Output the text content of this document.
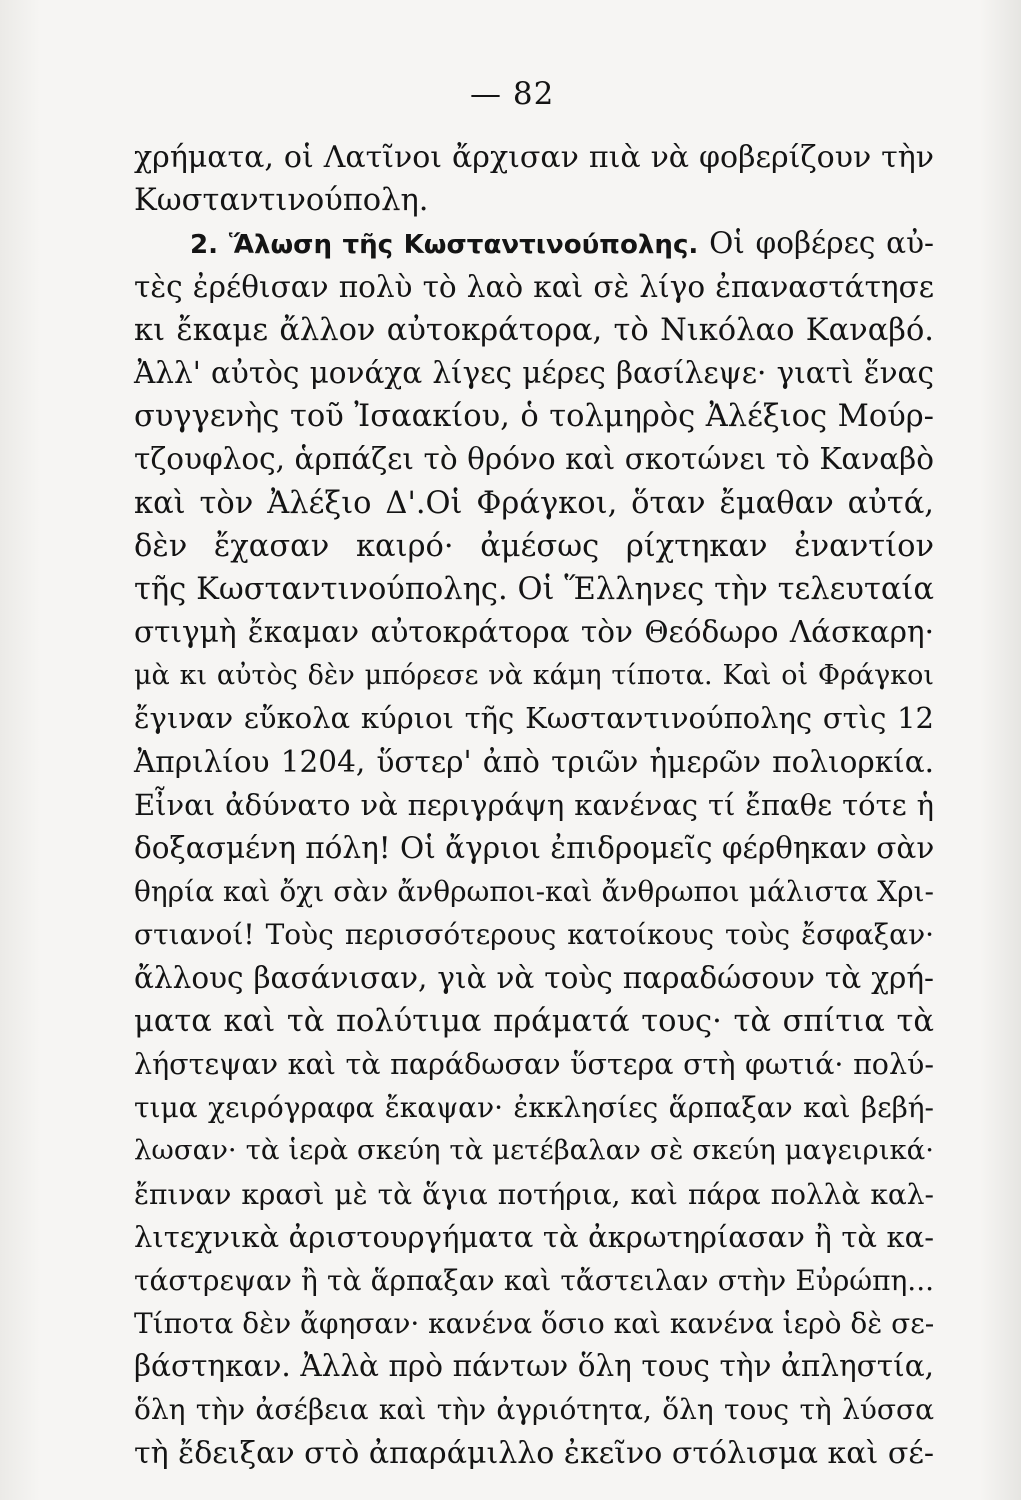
— 82
χρήματα, οἱ Λατῖνοι ἄρχισαν πιὰ νὰ φοβερίζουν τὴν
Κωσταντινούπολη.
2. Ἅλωση τῆς Κωσταντινούπολης. Οἱ φοβέρες αὐ-
τὲς ἐρέθισαν πολὺ τὸ λαὸ καὶ σὲ λίγο ἐπαναστάτησε
κι ἔκαμε ἄλλον αὐτοκράτορα, τὸ Νικόλαο Καναβό.
Ἀλλ' αὐτὸς μονάχα λίγες μέρες βασίλεψε· γιατὶ ἕνας
συγγενὴς τοῦ Ἰσαακίου, ὁ τολμηρὸς Ἀλέξιος Μούρ-
τζουφλος, ἁρπάζει τὸ θρόνο καὶ σκοτώνει τὸ Καναβὸ
καὶ τὸν Ἀλέξιο Δ'.Οἱ Φράγκοι, ὅταν ἔμαθαν αὐτά,
δὲν ἔχασαν καιρό· ἀμέσως ρίχτηκαν ἐναντίον
τῆς Κωσταντινούπολης. Οἱ Ἕλληνες τὴν τελευταία
στιγμὴ ἔκαμαν αὐτοκράτορα τὸν Θεόδωρο Λάσκαρη·
μὰ κι αὐτὸς δὲν μπόρεσε νὰ κάμη τίποτα. Καὶ οἱ Φράγκοι
ἔγιναν εὔκολα κύριοι τῆς Κωσταντινούπολης στὶς 12
Ἀπριλίου 1204, ὕστερ' ἀπὸ τριῶν ἡμερῶν πολιορκία.
Εἶναι ἀδύνατο νὰ περιγράψη κανένας τί ἔπαθε τότε ἡ
δοξασμένη πόλη! Οἱ ἄγριοι ἐπιδρομεῖς φέρθηκαν σὰν
θηρία καὶ ὄχι σὰν ἄνθρωποι-καὶ ἄνθρωποι μάλιστα Χρι-
στιανοί! Τοὺς περισσότερους κατοίκους τοὺς ἔσφαξαν·
ἄλλους βασάνισαν, γιὰ νὰ τοὺς παραδώσουν τὰ χρή-
ματα καὶ τὰ πολύτιμα πράματά τους· τὰ σπίτια τὰ
λήστεψαν καὶ τὰ παράδωσαν ὕστερα στὴ φωτιά· πολύ-
τιμα χειρόγραφα ἔκαψαν· ἐκκλησίες ἅρπαξαν καὶ βεβή-
λωσαν· τὰ ἱερὰ σκεύη τὰ μετέβαλαν σὲ σκεύη μαγειρικά·
ἔπιναν κρασὶ μὲ τὰ ἅγια ποτήρια, καὶ πάρα πολλὰ καλ-
λιτεχνικὰ ἀριστουργήματα τὰ ἀκρωτηρίασαν ἢ τὰ κα-
τάστρεψαν ἢ τὰ ἅρπαξαν καὶ τἄστειλαν στὴν Εὐρώπη...
Τίποτα δὲν ἄφησαν· κανένα ὅσιο καὶ κανένα ἱερὸ δὲ σε-
βάστηκαν. Ἀλλὰ πρὸ πάντων ὅλη τους τὴν ἀπληστία,
ὅλη τὴν ἀσέβεια καὶ τὴν ἀγριότητα, ὅλη τους τὴ λύσσα
τὴ ἔδειξαν στὸ ἀπαράμιλλο ἐκεῖνο στόλισμα καὶ σέ-
